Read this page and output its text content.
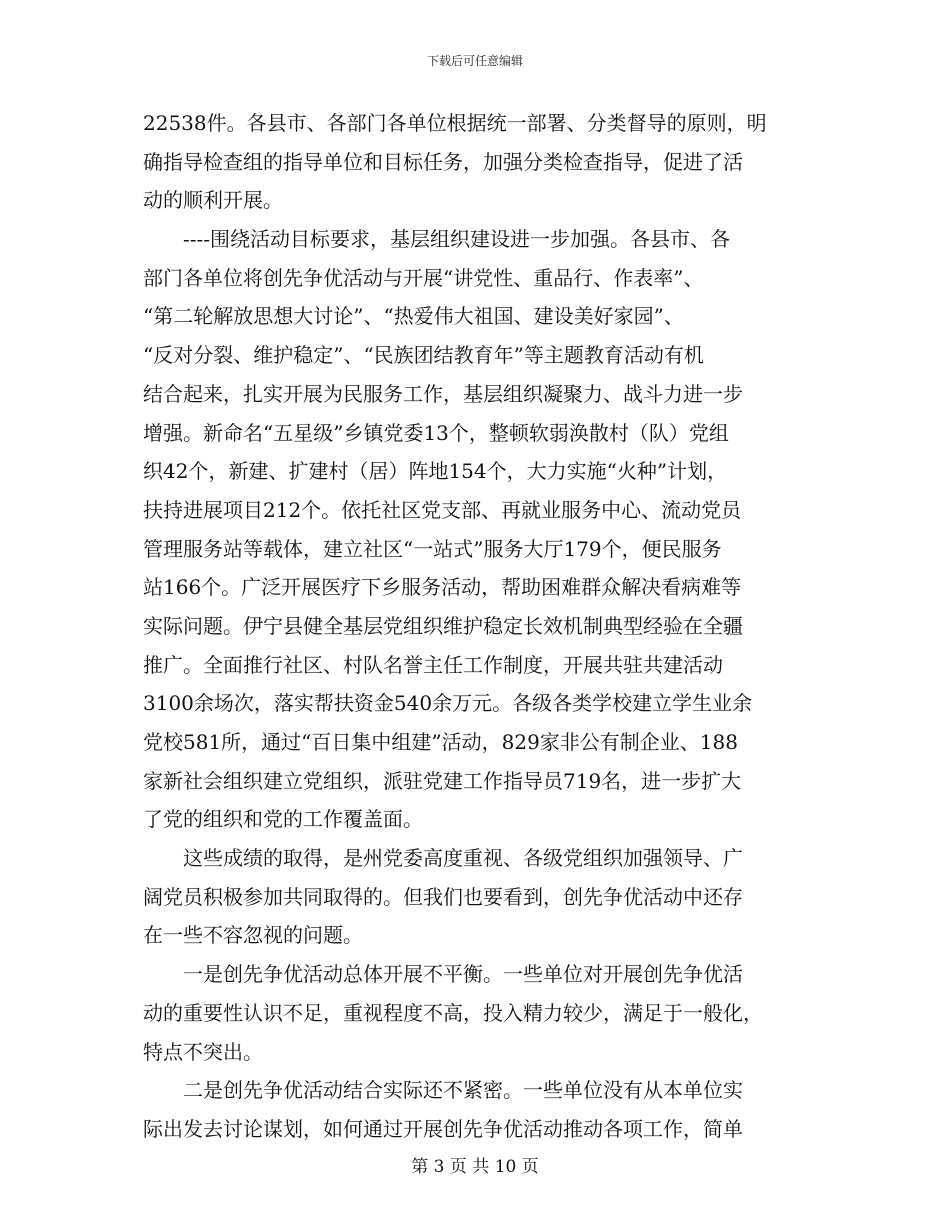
下载后可任意编辑
22538件。各县市、各部门各单位根据统一部署、分类督导的原则，明
确指导检查组的指导单位和目标任务，加强分类检查指导，促进了活
动的顺利开展。
　　----围绕活动目标要求，基层组织建设进一步加强。各县市、各
部门各单位将创先争优活动与开展“讲党性、重品行、作表率”、
“第二轮解放思想大讨论”、“热爱伟大祖国、建设美好家园”、
“反对分裂、维护稳定”、“民族团结教育年”等主题教育活动有机
结合起来，扎实开展为民服务工作，基层组织凝聚力、战斗力进一步
增强。新命名“五星级”乡镇党委13个，整顿软弱涣散村（队）党组
织42个，新建、扩建村（居）阵地154个，大力实施“火种”计划，
扶持进展项目212个。依托社区党支部、再就业服务中心、流动党员
管理服务站等载体，建立社区“一站式”服务大厅179个，便民服务
站166个。广泛开展医疗下乡服务活动，帮助困难群众解决看病难等
实际问题。伊宁县健全基层党组织维护稳定长效机制典型经验在全疆
推广。全面推行社区、村队名誉主任工作制度，开展共驻共建活动
3100余场次，落实帮扶资金540余万元。各级各类学校建立学生业余
党校581所，通过“百日集中组建”活动，829家非公有制企业、188
家新社会组织建立党组织，派驻党建工作指导员719名，进一步扩大
了党的组织和党的工作覆盖面。
　　这些成绩的取得，是州党委高度重视、各级党组织加强领导、广
阔党员积极参加共同取得的。但我们也要看到，创先争优活动中还存
在一些不容忽视的问题。
　　一是创先争优活动总体开展不平衡。一些单位对开展创先争优活
动的重要性认识不足，重视程度不高，投入精力较少，满足于一般化，
特点不突出。
　　二是创先争优活动结合实际还不紧密。一些单位没有从本单位实
际出发去讨论谋划，如何通过开展创先争优活动推动各项工作，简单
第 3 页 共 10 页
